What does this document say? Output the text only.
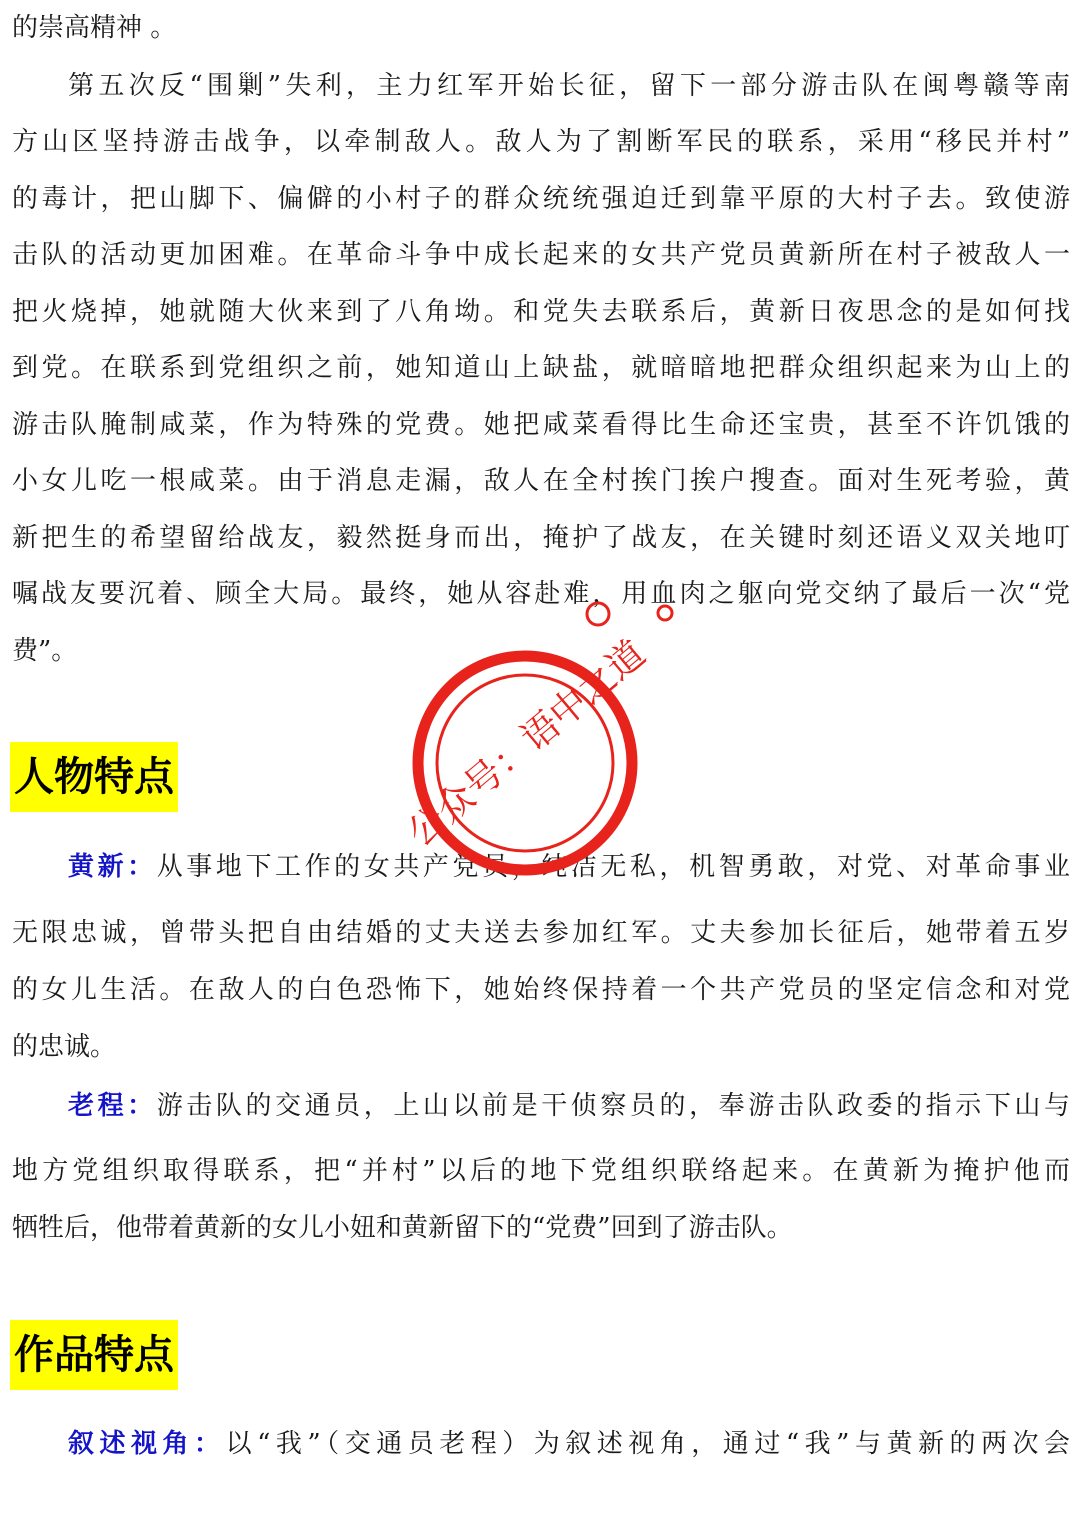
的崇高精神 。
第五次反“围剿”失利，主力红军开始长征，留下一部分游击队在闽粤赣等南
方山区坚持游击战争，以牵制敌人。敌人为了割断军民的联系，采用“移民并村”
的毒计，把山脚下、偏僻的小村子的群众统统强迫迁到靠平原的大村子去。致使游
击队的活动更加困难。在革命斗争中成长起来的女共产党员黄新所在村子被敌人一
把火烧掉，她就随大伙来到了八角坳。和党失去联系后，黄新日夜思念的是如何找
到党。在联系到党组织之前，她知道山上缺盐，就暗暗地把群众组织起来为山上的
游击队腌制咸菜，作为特殊的党费。她把咸菜看得比生命还宝贵，甚至不许饥饿的
小女儿吃一根咸菜。由于消息走漏，敌人在全村挨门挨户搜查。面对生死考验，黄
新把生的希望留给战友，毅然挺身而出，掩护了战友，在关键时刻还语义双关地叮
嘱战友要沉着、顾全大局。最终，她从容赴难，用血肉之躯向党交纳了最后一次“党
费”。
人物特点
黄新：从事地下工作的女共产党员，纯洁无私，机智勇敢，对党、对革命事业
无限忠诚，曾带头把自由结婚的丈夫送去参加红军。丈夫参加长征后，她带着五岁
的女儿生活。在敌人的白色恐怖下，她始终保持着一个共产党员的坚定信念和对党
的忠诚。
老程：游击队的交通员，上山以前是干侦察员的，奉游击队政委的指示下山与
地方党组织取得联系，把“并村”以后的地下党组织联络起来。在黄新为掩护他而
牺牲后，他带着黄新的女儿小妞和黄新留下的“党费”回到了游击队。
作品特点
叙述视角：以“我”（交通员老程）为叙述视角，通过“我”与黄新的两次会
公众号：语中之道
